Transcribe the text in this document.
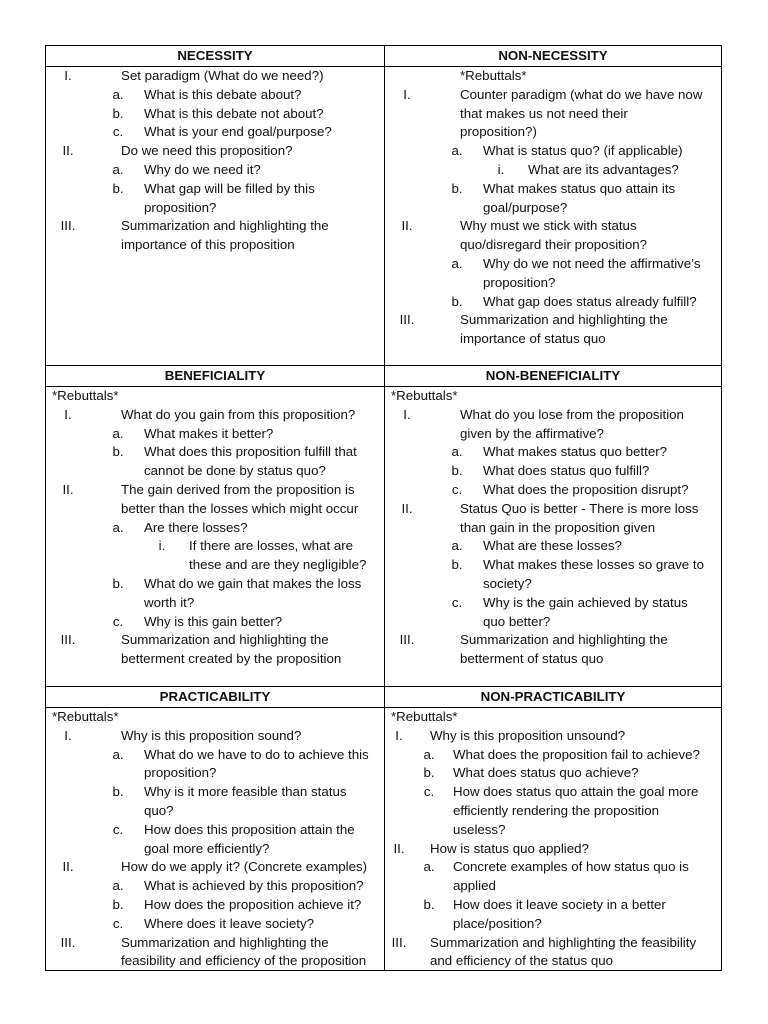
NECESSITY
I.	Set paradigm (What do we need?)
a.	What is this debate about?
b.	What is this debate not about?
c.	What is your end goal/purpose?
II.	Do we need this proposition?
a.	Why do we need it?
b.	What gap will be filled by this
proposition?
III.	Summarization and highlighting the
importance of this proposition
NON-NECESSITY
*Rebuttals*
I.	Counter paradigm (what do we have now
that makes us not need their
proposition?)
a.	What is status quo? (if applicable)
i.	What are its advantages?
b.	What makes status quo attain its
goal/purpose?
II.	Why must we stick with status
quo/disregard their proposition?
a.	Why do we not need the affirmative’s
proposition?
b.	What gap does status already fulfill?
III.	Summarization and highlighting the
importance of status quo
BENEFICIALITY
*Rebuttals*
I.	What do you gain from this proposition?
a.	What makes it better?
b.	What does this proposition fulfill that
cannot be done by status quo?
II.	The gain derived from the proposition is
better than the losses which might occur
a.	Are there losses?
i.	If there are losses, what are
these and are they negligible?
b.	What do we gain that makes the loss
worth it?
c.	Why is this gain better?
III.	Summarization and highlighting the
betterment created by the proposition
NON-BENEFICIALITY
*Rebuttals*
I.	What do you lose from the proposition
given by the affirmative?
a.	What makes status quo better?
b.	What does status quo fulfill?
c.	What does the proposition disrupt?
II.	Status Quo is better - There is more loss
than gain in the proposition given
a.	What are these losses?
b.	What makes these losses so grave to
society?
c.	Why is the gain achieved by status
quo better?
III.	Summarization and highlighting the
betterment of status quo
PRACTICABILITY
*Rebuttals*
I.	Why is this proposition sound?
a.	What do we have to do to achieve this
proposition?
b.	Why is it more feasible than status
quo?
c.	How does this proposition attain the
goal more efficiently?
II.	How do we apply it? (Concrete examples)
a.	What is achieved by this proposition?
b.	How does the proposition achieve it?
c.	Where does it leave society?
III.	Summarization and highlighting the
feasibility and efficiency of the proposition
NON-PRACTICABILITY
*Rebuttals*
I.	Why is this proposition unsound?
a.	What does the proposition fail to achieve?
b.	What does status quo achieve?
c.	How does status quo attain the goal more
efficiently rendering the proposition
useless?
II.	How is status quo applied?
a.	Concrete examples of how status quo is
applied
b.	How does it leave society in a better
place/position?
III.	Summarization and highlighting the feasibility
and efficiency of the status quo
